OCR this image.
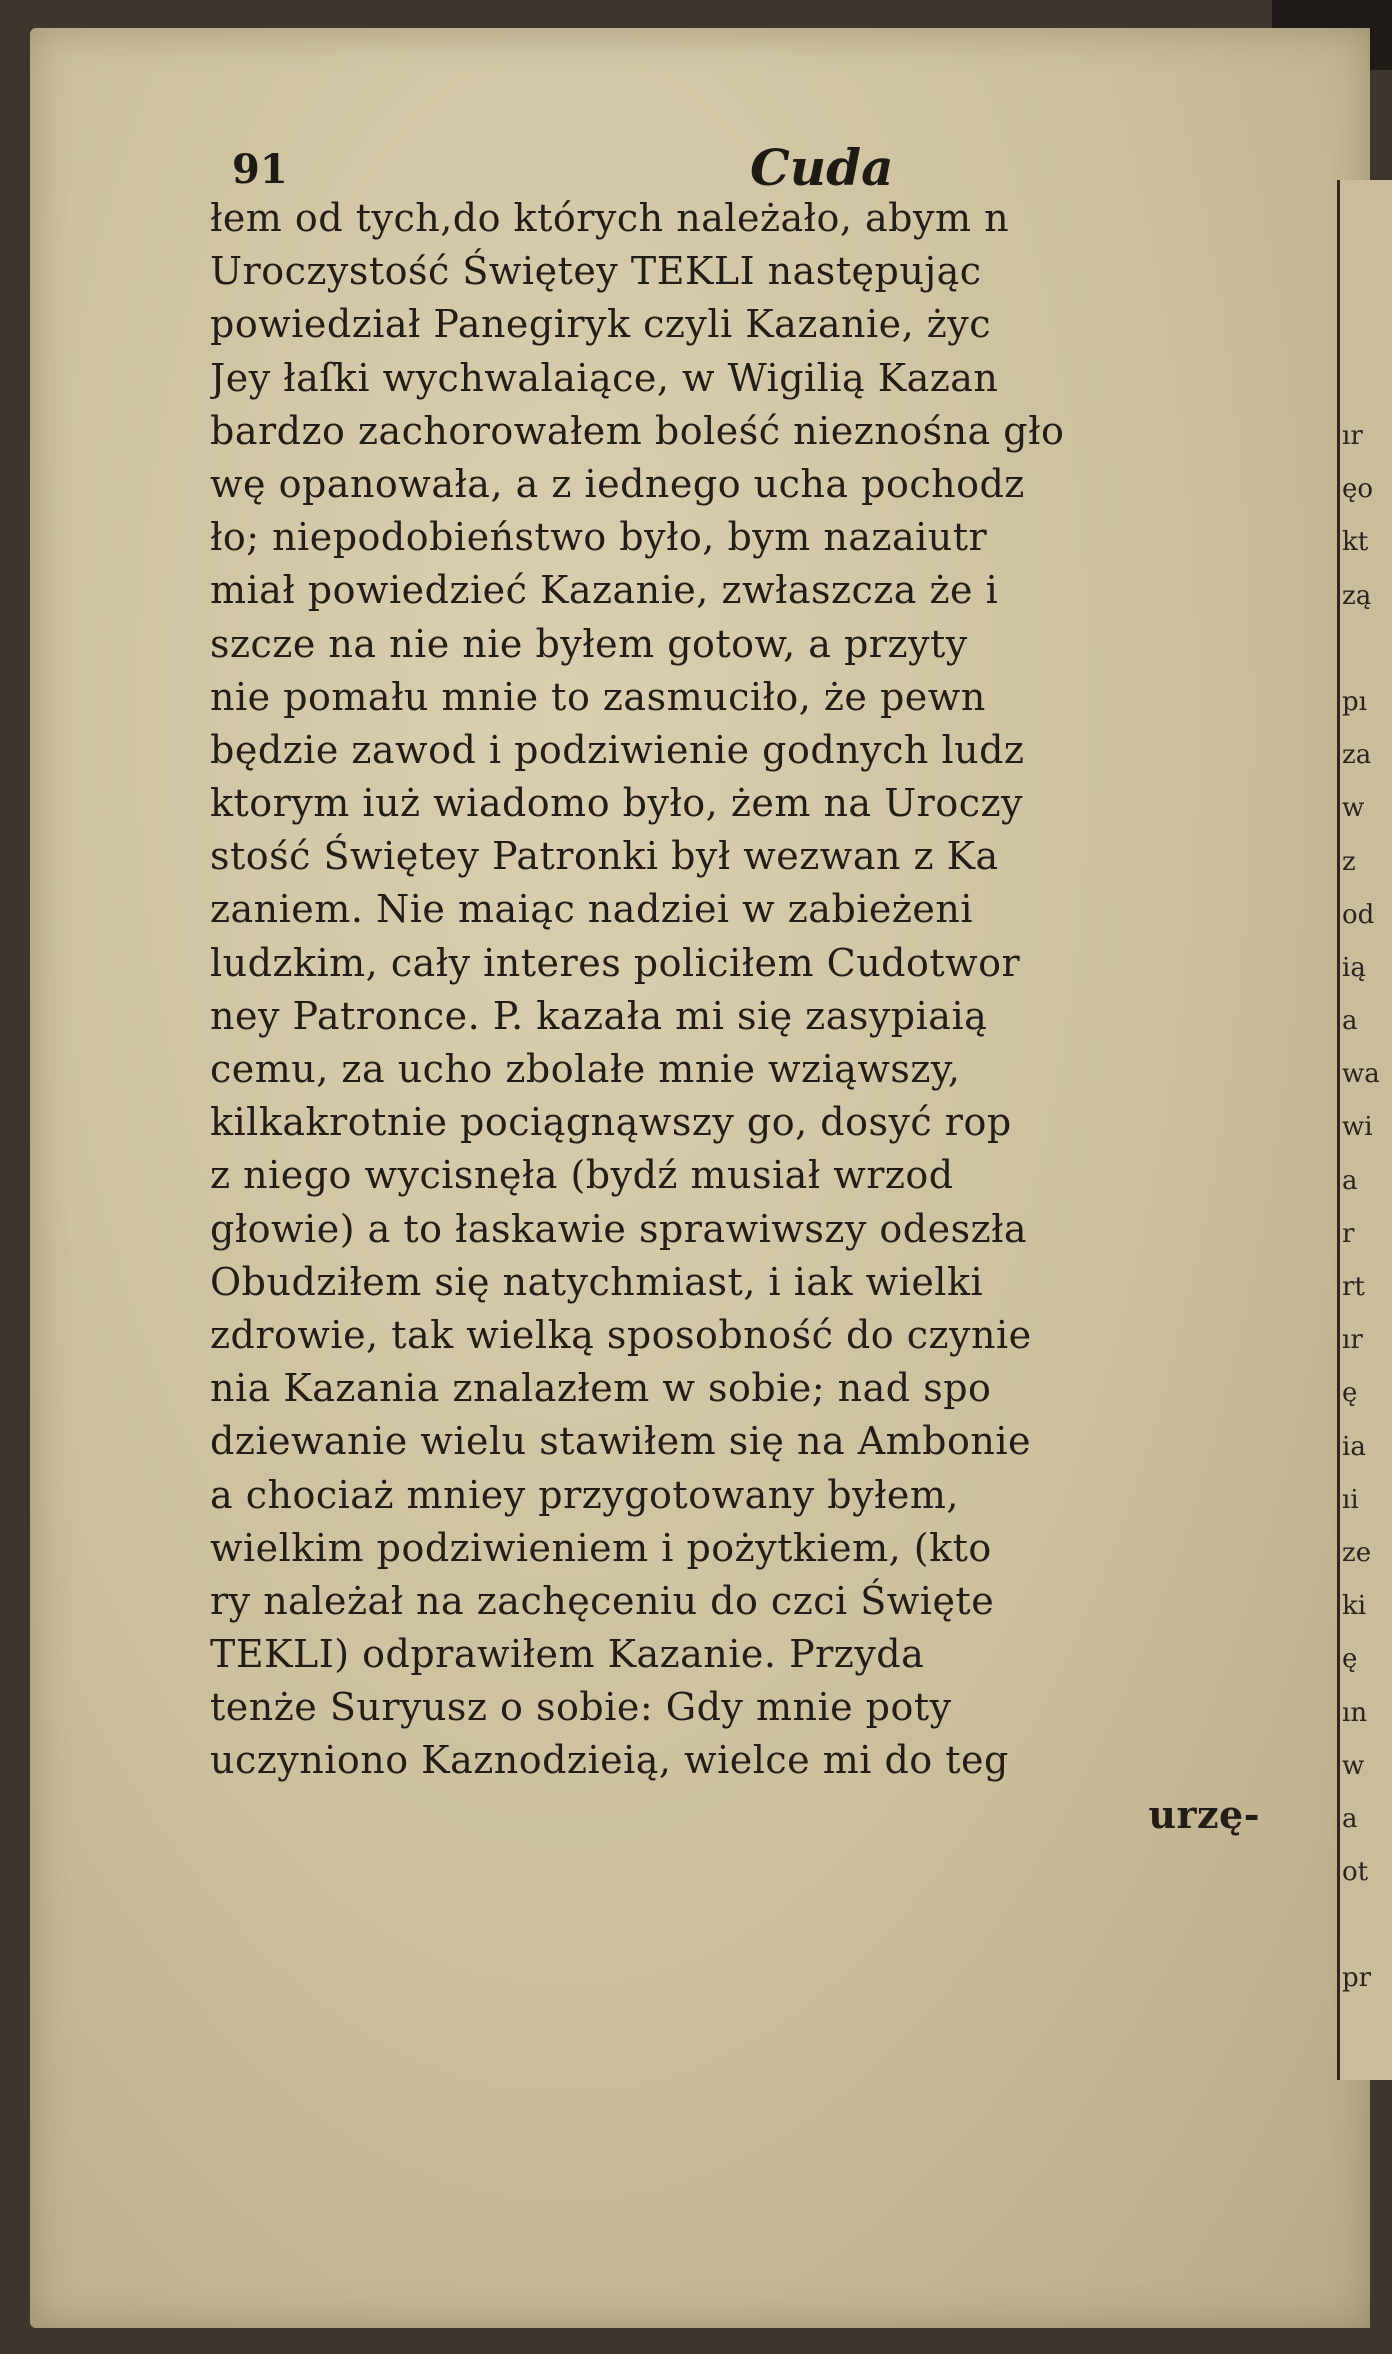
91	Cuda
ır
ęo
kt
zą
pı
za
w
z
od
ią
a
wa
wi
a
r
rt
ır
ę
ia
ıi
ze
ki
ę
ın
w
a
ot
pr
łem od tych,do których należało, abym n
Uroczystość Świętey TEKLI następując
powiedział Panegiryk czyli Kazanie, życ
Jey łaſki wychwalaiące, w Wigilią Kazan
bardzo zachorowałem boleść nieznośna gło
wę opanowała, a z iednego ucha pochodz
ło; niepodobieństwo było, bym nazaiutr
miał powiedzieć Kazanie, zwłaszcza że i
szcze na nie nie byłem gotow, a przyty
nie pomału mnie to zasmuciło, że pewn
będzie zawod i podziwienie godnych ludz
ktorym iuż wiadomo było, żem na Uroczy
stość Świętey Patronki był wezwan z Ka
zaniem. Nie maiąc nadziei w zabieżeni
ludzkim, cały interes policiłem Cudotwor
ney Patronce. P. kazała mi się zasypiaią
cemu, za ucho zbolałe mnie wziąwszy,
kilkakrotnie pociągnąwszy go, dosyć rop
z niego wycisnęła (bydź musiał wrzod
głowie) a to łaskawie sprawiwszy odeszła
Obudziłem się natychmiast, i iak wielki
zdrowie, tak wielką sposobność do czynie
nia Kazania znalazłem w sobie; nad spo
dziewanie wielu stawiłem się na Ambonie
a chociaż mniey przygotowany byłem,
wielkim podziwieniem i pożytkiem, (kto
ry należał na zachęceniu do czci Święte
TEKLI) odprawiłem Kazanie. Przyda
tenże Suryusz o sobie: Gdy mnie poty
uczyniono Kaznodzieią, wielce mi do teg
urzę-
